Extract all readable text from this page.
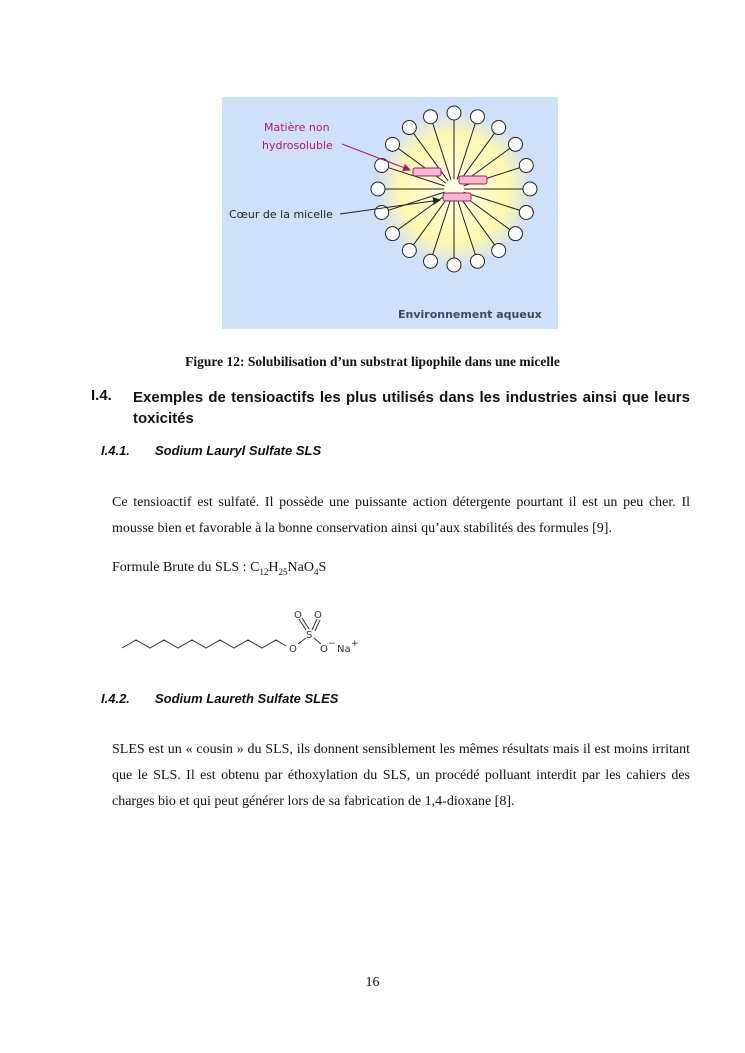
Matière non
hydrosoluble
Cœur de la micelle
Environnement aqueux
Figure 12: Solubilisation d’un substrat lipophile dans une micelle
I.4. Exemples de tensioactifs les plus utilisés dans les industries ainsi que leurs toxicités
I.4.1. Sodium Lauryl Sulfate SLS

Ce tensioactif est sulfaté. Il possède une puissante action détergente pourtant il est un peu cher. Il mousse bien et favorable à la bonne conservation ainsi qu’aux stabilités des formules [9].

Formule Brute du SLS : $C_{12}H_{25}NaO_4S$
O O
S
O O − Na +
I.4.2. Sodium Laureth Sulfate SLES

SLES est un « cousin » du SLS, ils donnent sensiblement les mêmes résultats mais il est moins irritant que le SLS. Il est obtenu par éthoxylation du SLS, un procédé polluant interdit par les cahiers des charges bio et qui peut générer lors de sa fabrication de 1,4-dioxane [8].

16
